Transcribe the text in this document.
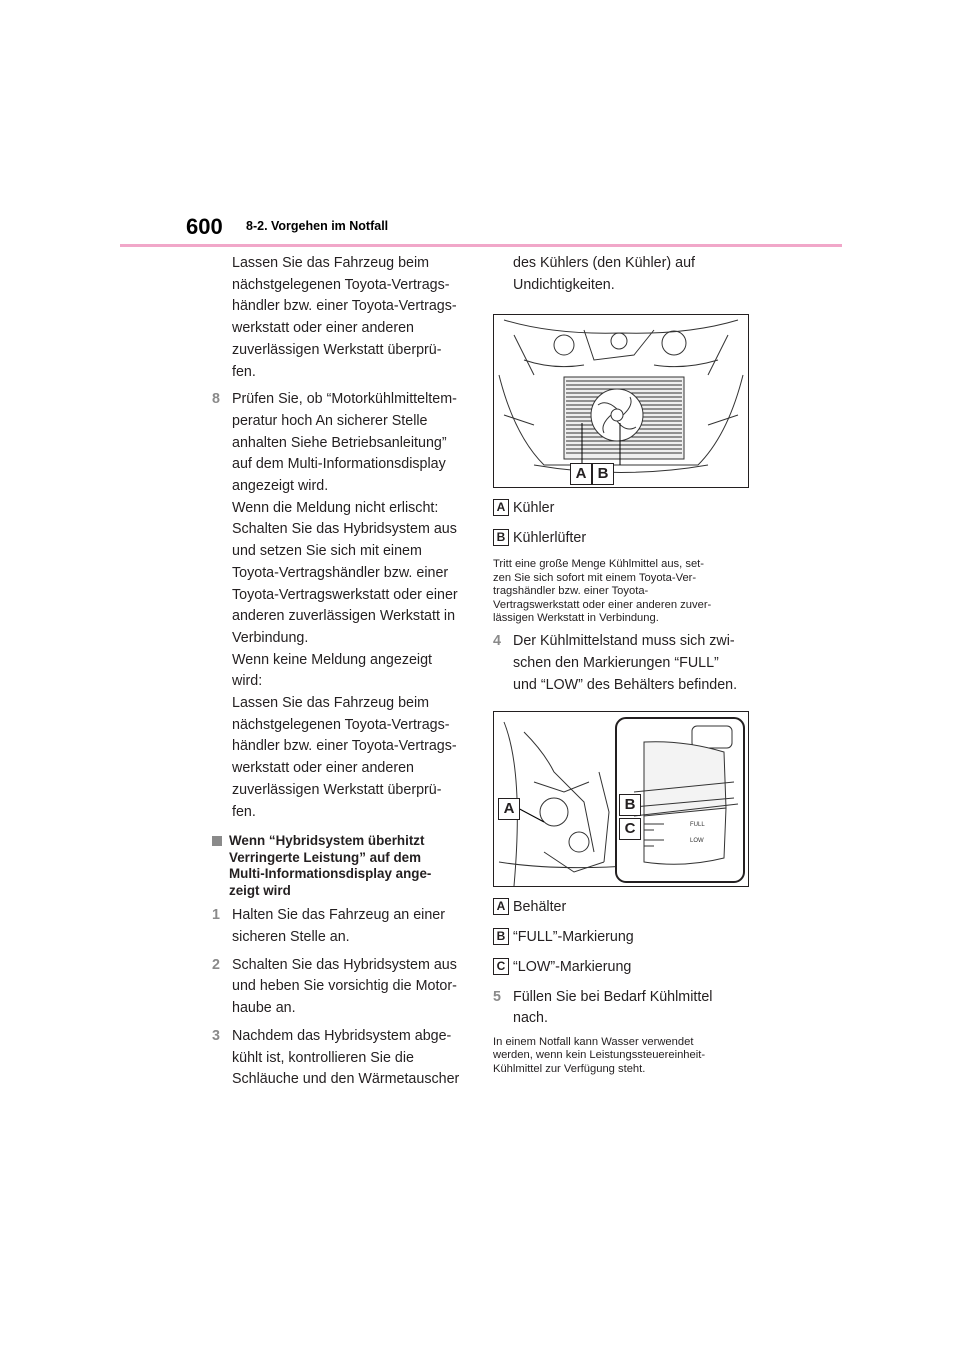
600 8-2. Vorgehen im Notfall
Lassen Sie das Fahrzeug beim
nächstgelegenen Toyota-Vertrags-
händler bzw. einer Toyota-Vertrags-
werkstatt oder einer anderen
zuverlässigen Werkstatt überprü-
fen.
8 Prüfen Sie, ob “Motorkühlmitteltem-
peratur hoch An sicherer Stelle
anhalten Siehe Betriebsanleitung”
auf dem Multi-Informationsdisplay
angezeigt wird.
Wenn die Meldung nicht erlischt:
Schalten Sie das Hybridsystem aus
und setzen Sie sich mit einem
Toyota-Vertragshändler bzw. einer
Toyota-Vertragswerkstatt oder einer
anderen zuverlässigen Werkstatt in
Verbindung.
Wenn keine Meldung angezeigt
wird:
Lassen Sie das Fahrzeug beim
nächstgelegenen Toyota-Vertrags-
händler bzw. einer Toyota-Vertrags-
werkstatt oder einer anderen
zuverlässigen Werkstatt überprü-
fen.
Wenn “Hybridsystem überhitzt
Verringerte Leistung” auf dem
Multi-Informationsdisplay ange-
zeigt wird
1 Halten Sie das Fahrzeug an einer
sicheren Stelle an.
2 Schalten Sie das Hybridsystem aus
und heben Sie vorsichtig die Motor-
haube an.
3 Nachdem das Hybridsystem abge-
kühlt ist, kontrollieren Sie die
Schläuche und den Wärmetauscher
des Kühlers (den Kühler) auf
Undichtigkeiten.
A B
A Kühler
B Kühlerlüfter
Tritt eine große Menge Kühlmittel aus, set-
zen Sie sich sofort mit einem Toyota-Ver-
tragshändler bzw. einer Toyota-
Vertragswerkstatt oder einer anderen zuver-
lässigen Werkstatt in Verbindung.
4 Der Kühlmittelstand muss sich zwi-
schen den Markierungen “FULL”
und “LOW” des Behälters befinden.
FULL
LOW
A	B
C
A Behälter
B “FULL”-Markierung
C “LOW”-Markierung
5 Füllen Sie bei Bedarf Kühlmittel
nach.
In einem Notfall kann Wasser verwendet
werden, wenn kein Leistungssteuereinheit-
Kühlmittel zur Verfügung steht.
